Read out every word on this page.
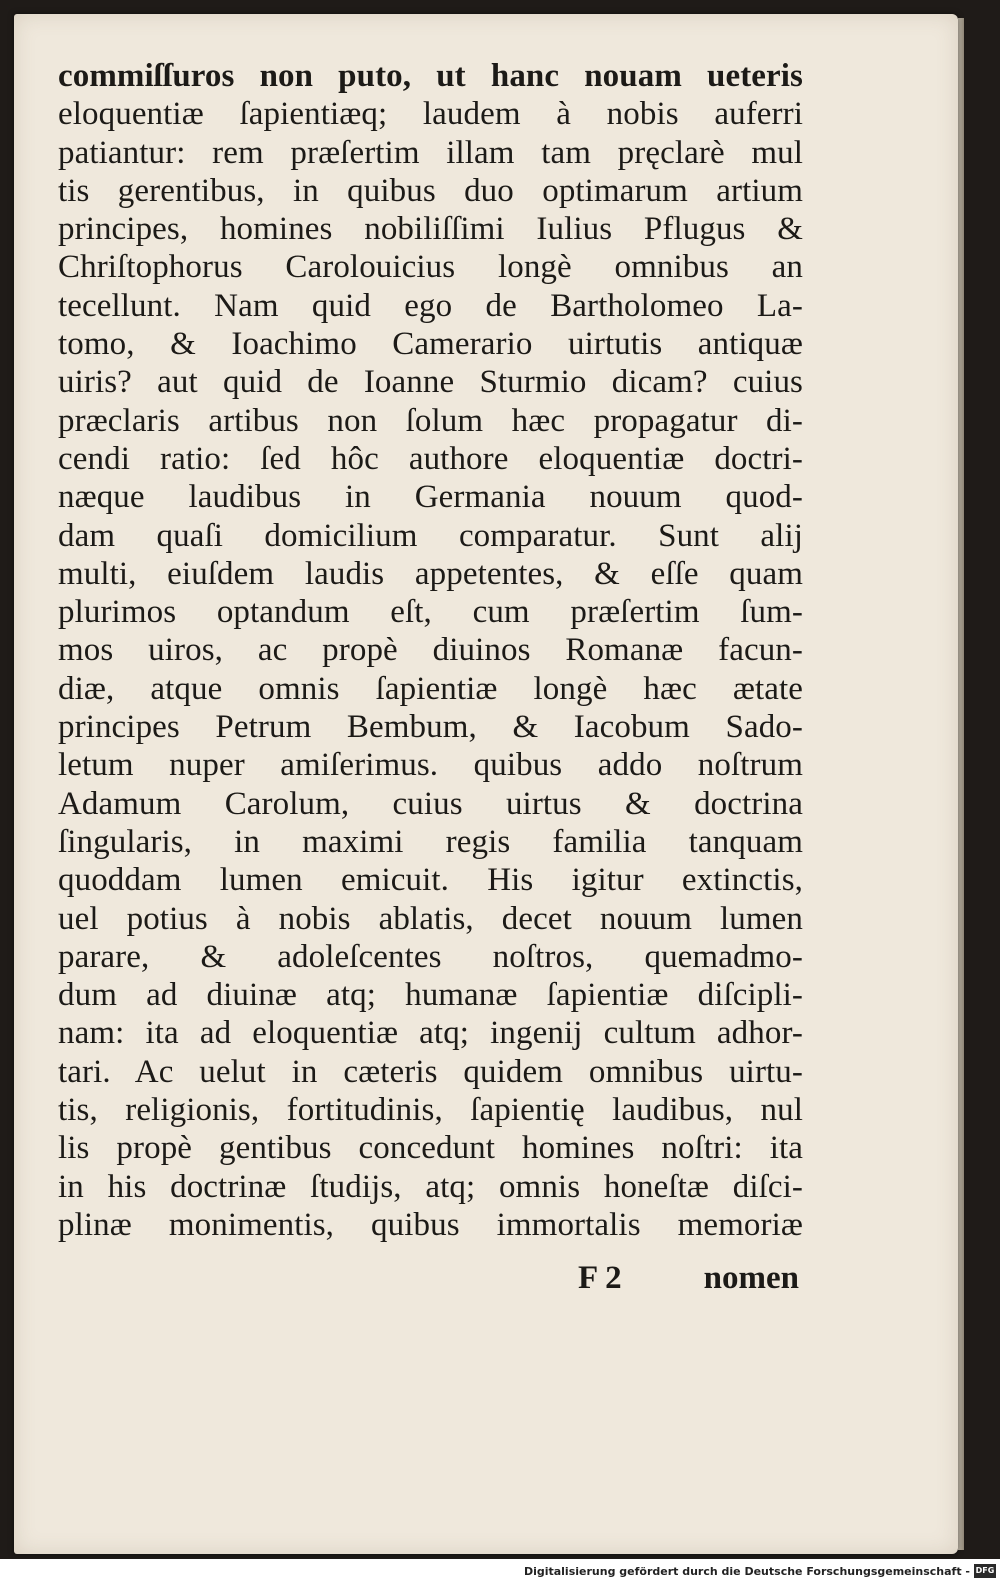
commiſſuros non puto, ut hanc nouam ueteris
eloquentiæ ſapientiæq; laudem à nobis auferri
patiantur: rem præſertim illam tam pręclarè mul
tis gerentibus, in quibus duo optimarum artium
principes, homines nobiliſſimi Iulius Pflugus &
Chriſtophorus Carolouicius longè omnibus an
tecellunt. Nam quid ego de Bartholomeo La-
tomo, & Ioachimo Camerario uirtutis antiquæ
uiris? aut quid de Ioanne Sturmio dicam? cuius
præclaris artibus non ſolum hæc propagatur di-
cendi ratio: ſed hôc authore eloquentiæ doctri-
næque laudibus in Germania nouum quod-
dam quaſi domicilium comparatur. Sunt alij
multi, eiuſdem laudis appetentes, & eſſe quam
plurimos optandum eſt, cum præſertim ſum-
mos uiros, ac propè diuinos Romanæ facun-
diæ, atque omnis ſapientiæ longè hæc ætate
principes Petrum Bembum, & Iacobum Sado-
letum nuper amiſerimus. quibus addo noſtrum
Adamum Carolum, cuius uirtus & doctrina
ſingularis, in maximi regis familia tanquam
quoddam lumen emicuit. His igitur extinctis,
uel potius à nobis ablatis, decet nouum lumen
parare, & adoleſcentes noſtros, quemadmo-
dum ad diuinæ atq; humanæ ſapientiæ diſcipli-
nam: ita ad eloquentiæ atq; ingenij cultum adhor-
tari. Ac uelut in cæteris quidem omnibus uirtu-
tis, religionis, fortitudinis, ſapientię laudibus, nul
lis propè gentibus concedunt homines noſtri: ita
in his doctrinæ ſtudijs, atq; omnis honeſtæ diſci-
plinæ monimentis, quibus immortalis memoriæ
F 2 nomen
Digitalisierung gefördert durch die Deutsche Forschungsgemeinschaft - DFG
